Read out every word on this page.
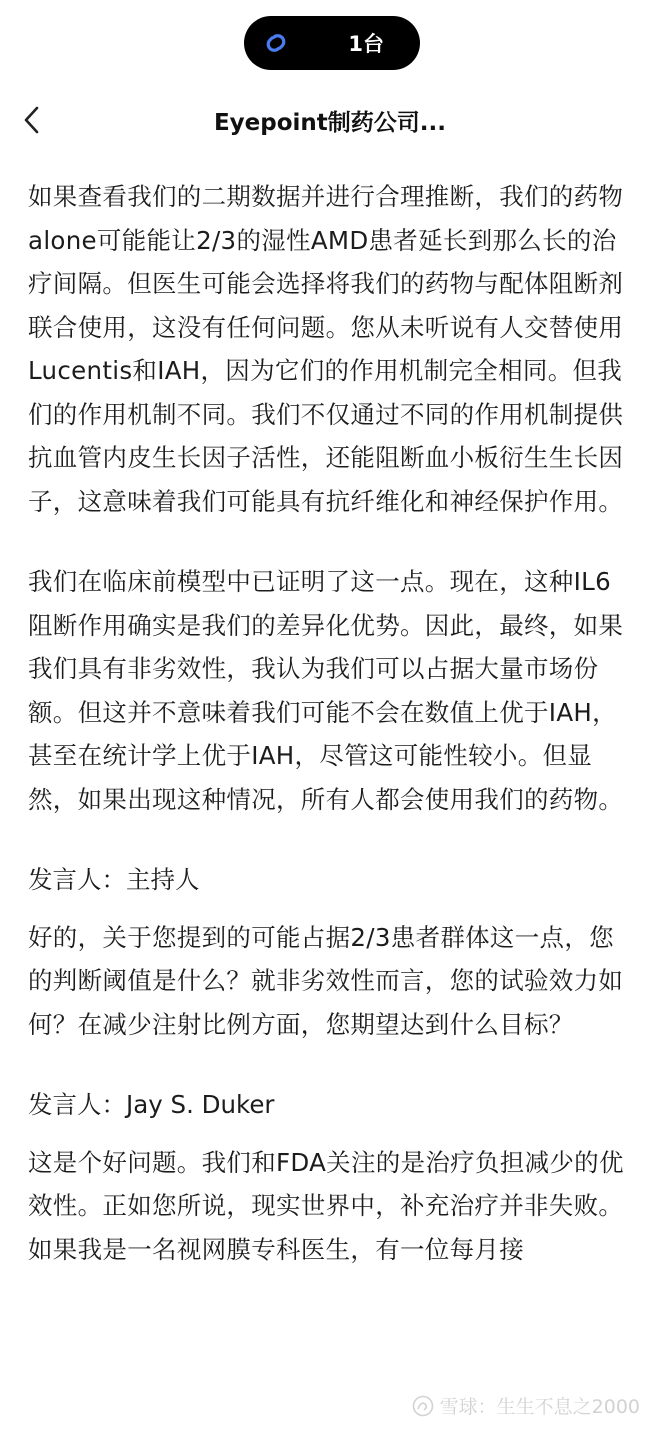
1台
Eyepoint制药公司...

如果查看我们的二期数据并进行合理推断，我们的药物 alone可能能让2/3的湿性AMD患者延长到那么长的治疗间隔。但医生可能会选择将我们的药物与配体阻断剂联合使用，这没有任何问题。您从未听说有人交替使用Lucentis和IAH，因为它们的作用机制完全相同。但我们的作用机制不同。我们不仅通过不同的作用机制提供抗血管内皮生长因子活性，还能阻断血小板衍生生长因子，这意味着我们可能具有抗纤维化和神经保护作用。

我们在临床前模型中已证明了这一点。现在，这种IL6阻断作用确实是我们的差异化优势。因此，最终，如果我们具有非劣效性，我认为我们可以占据大量市场份额。但这并不意味着我们可能不会在数值上优于IAH，甚至在统计学上优于IAH，尽管这可能性较小。但显然，如果出现这种情况，所有人都会使用我们的药物。

发言人：主持人

好的，关于您提到的可能占据2/3患者群体这一点，您的判断阈值是什么？就非劣效性而言，您的试验效力如何？在减少注射比例方面，您期望达到什么目标？

发言人：Jay S. Duker

这是个好问题。我们和FDA关注的是治疗负担减少的优效性。正如您所说，现实世界中，补充治疗并非失败。如果我是一名视网膜专科医生，有一位每月接

雪球：生生不息之2000
